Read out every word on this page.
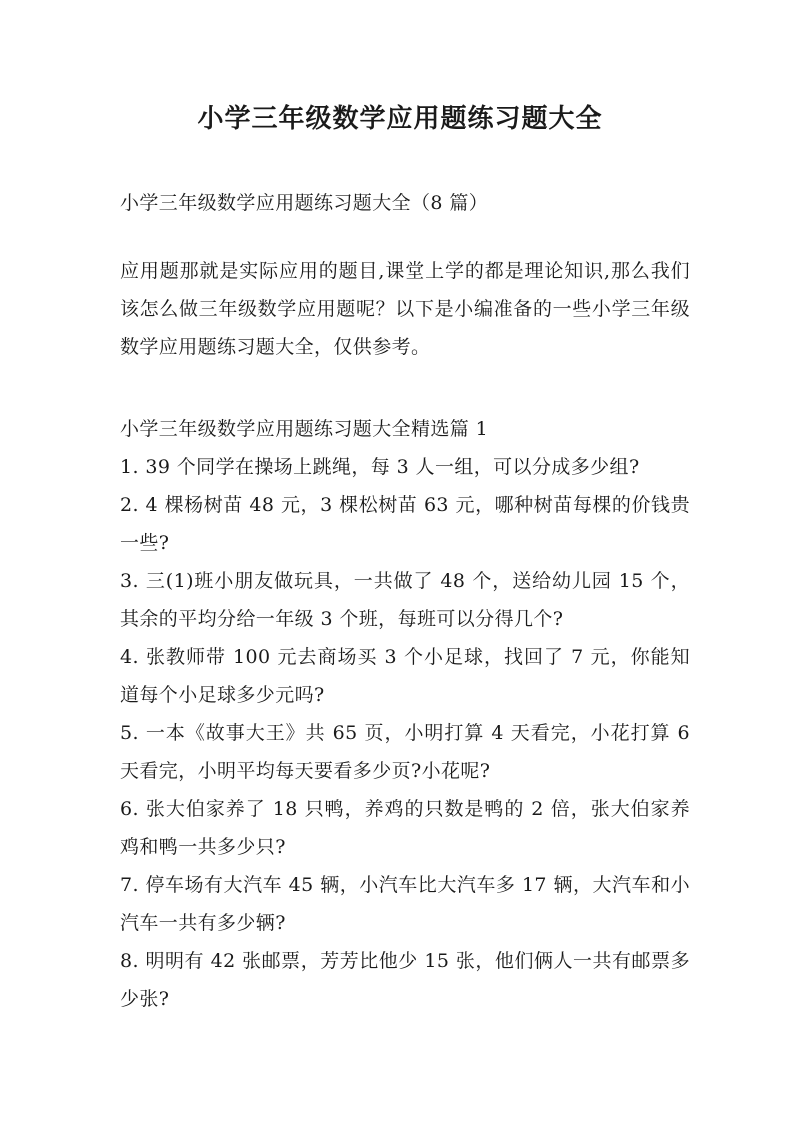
小学三年级数学应用题练习题大全
小学三年级数学应用题练习题大全（8 篇）
应用题那就是实际应用的题目,课堂上学的都是理论知识,那么我们该怎么做三年级数学应用题呢？以下是小编准备的一些小学三年级数学应用题练习题大全，仅供参考。
小学三年级数学应用题练习题大全精选篇 1
1. 39 个同学在操场上跳绳，每 3 人一组，可以分成多少组?
2. 4 棵杨树苗 48 元，3 棵松树苗 63 元，哪种树苗每棵的价钱贵一些?
3. 三(1)班小朋友做玩具，一共做了 48 个，送给幼儿园 15 个，其余的平均分给一年级 3 个班，每班可以分得几个?
4. 张教师带 100 元去商场买 3 个小足球，找回了 7 元，你能知道每个小足球多少元吗?
5. 一本《故事大王》共 65 页，小明打算 4 天看完，小花打算 6 天看完，小明平均每天要看多少页?小花呢?
6. 张大伯家养了 18 只鸭，养鸡的只数是鸭的 2 倍，张大伯家养鸡和鸭一共多少只?
7. 停车场有大汽车 45 辆，小汽车比大汽车多 17 辆，大汽车和小汽车一共有多少辆?
8. 明明有 42 张邮票，芳芳比他少 15 张，他们俩人一共有邮票多少张?
